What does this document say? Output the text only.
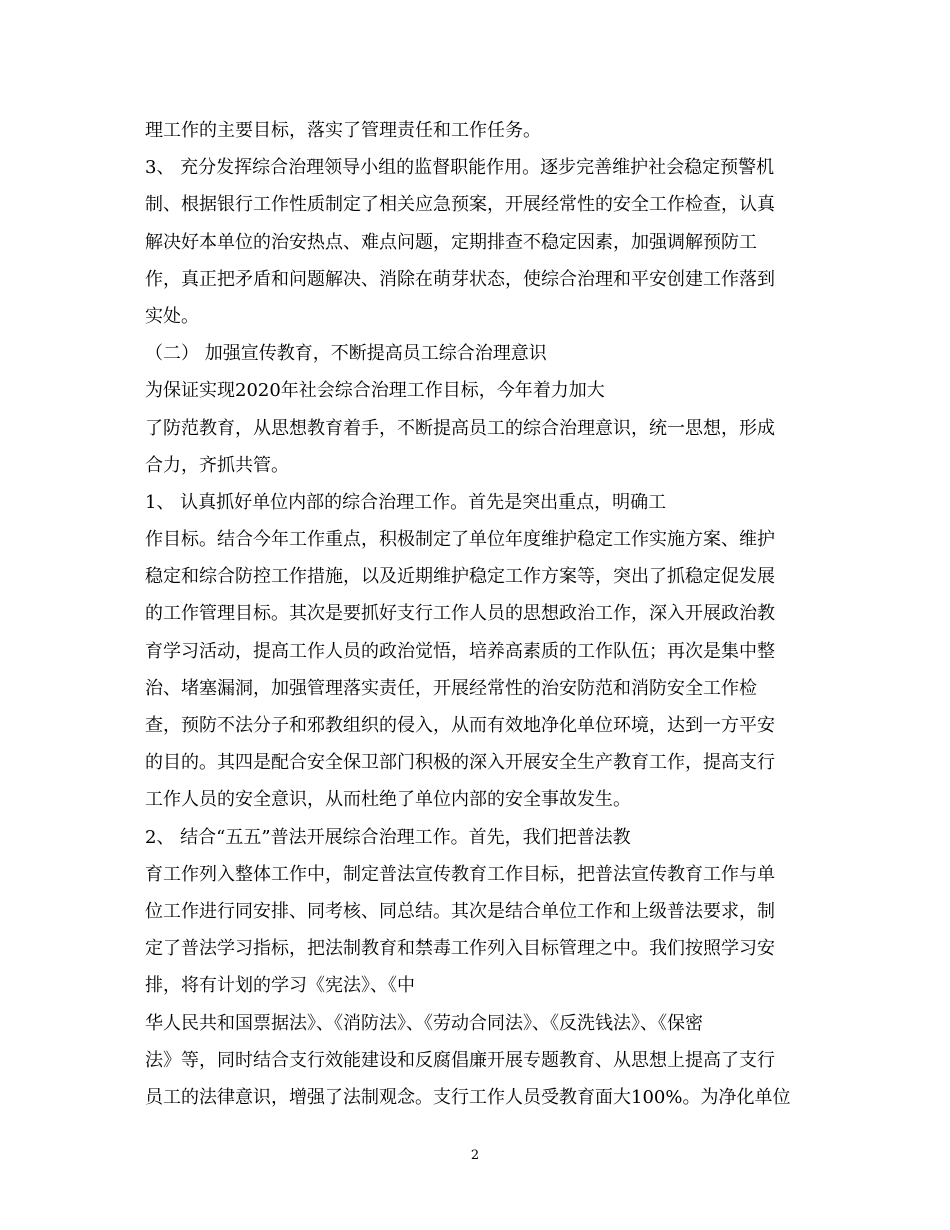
理工作的主要目标，落实了管理责任和工作任务。
3、 充分发挥综合治理领导小组的监督职能作用。逐步完善维护社会稳定预警机
制、根据银行工作性质制定了相关应急预案，开展经常性的安全工作检查，认真
解决好本单位的治安热点、难点问题，定期排查不稳定因素，加强调解预防工
作，真正把矛盾和问题解决、消除在萌芽状态，使综合治理和平安创建工作落到
实处。
（二） 加强宣传教育，不断提高员工综合治理意识
为保证实现2020年社会综合治理工作目标，今年着力加大
了防范教育，从思想教育着手，不断提高员工的综合治理意识，统一思想，形成
合力，齐抓共管。
1、 认真抓好单位内部的综合治理工作。首先是突出重点，明确工
作目标。结合今年工作重点，积极制定了单位年度维护稳定工作实施方案、维护
稳定和综合防控工作措施，以及近期维护稳定工作方案等，突出了抓稳定促发展
的工作管理目标。其次是要抓好支行工作人员的思想政治工作，深入开展政治教
育学习活动，提高工作人员的政治觉悟，培养高素质的工作队伍；再次是集中整
治、堵塞漏洞，加强管理落实责任，开展经常性的治安防范和消防安全工作检
查，预防不法分子和邪教组织的侵入，从而有效地净化单位环境，达到一方平安
的目的。其四是配合安全保卫部门积极的深入开展安全生产教育工作，提高支行
工作人员的安全意识，从而杜绝了单位内部的安全事故发生。
2、 结合“五五”普法开展综合治理工作。首先，我们把普法教
育工作列入整体工作中，制定普法宣传教育工作目标，把普法宣传教育工作与单
位工作进行同安排、同考核、同总结。其次是结合单位工作和上级普法要求，制
定了普法学习指标，把法制教育和禁毒工作列入目标管理之中。我们按照学习安
排，将有计划的学习《宪法》、《中
华人民共和国票据法》、《消防法》、《劳动合同法》、《反洗钱法》、《保密
法》等，同时结合支行效能建设和反腐倡廉开展专题教育、从思想上提高了支行
员工的法律意识，增强了法制观念。支行工作人员受教育面大100%。为净化单位
2
